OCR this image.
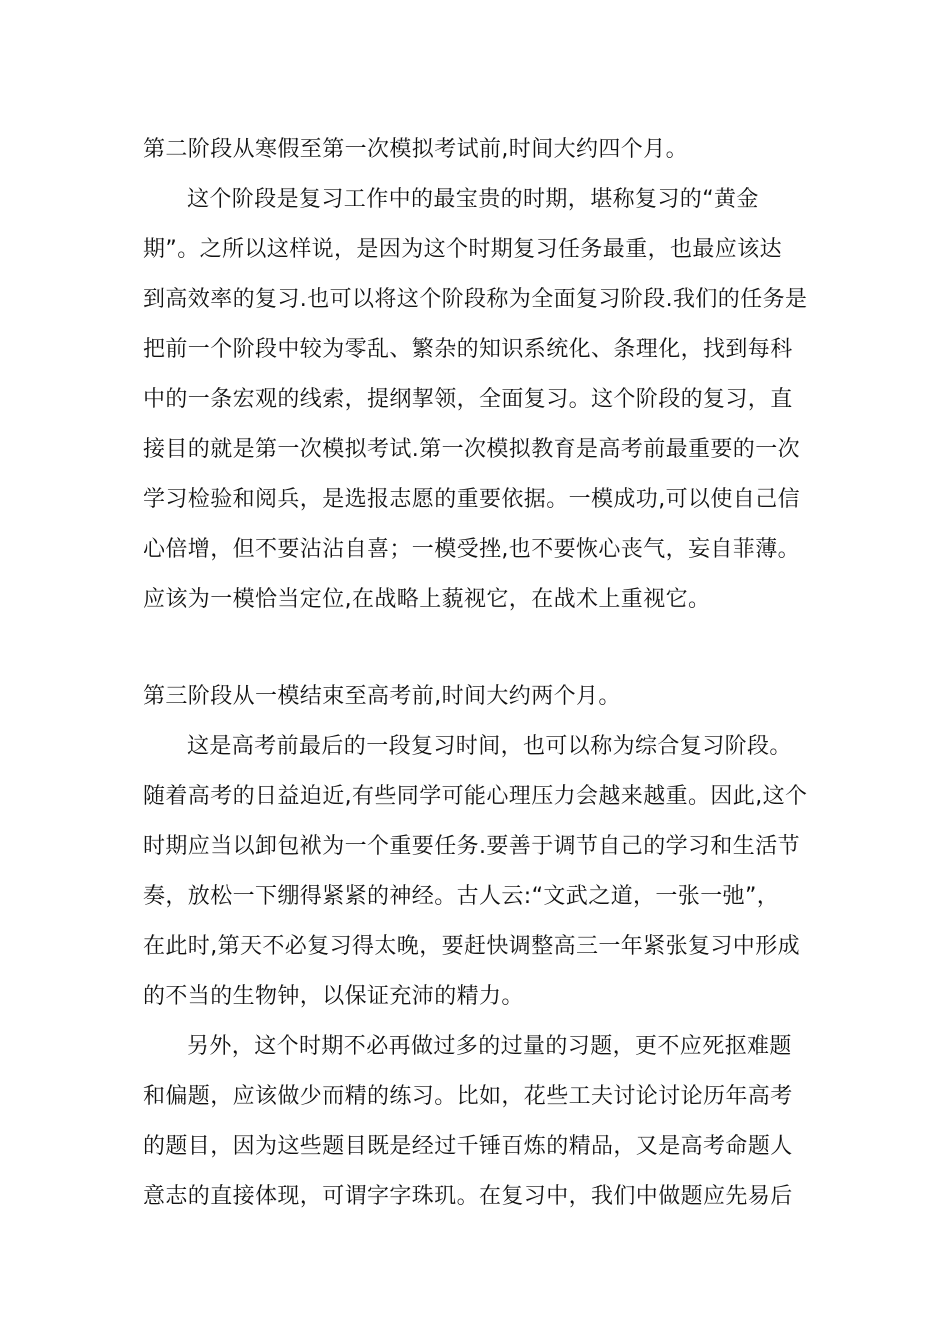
第二阶段从寒假至第一次模拟考试前,时间大约四个月。
这个阶段是复习工作中的最宝贵的时期，堪称复习的“黄金
期”。之所以这样说，是因为这个时期复习任务最重，也最应该达
到高效率的复习.也可以将这个阶段称为全面复习阶段.我们的任务是
把前一个阶段中较为零乱、繁杂的知识系统化、条理化，找到每科
中的一条宏观的线索，提纲挈领，全面复习。这个阶段的复习，直
接目的就是第一次模拟考试.第一次模拟教育是高考前最重要的一次
学习检验和阅兵，是选报志愿的重要依据。一模成功,可以使自己信
心倍增，但不要沾沾自喜；一模受挫,也不要恢心丧气，妄自菲薄。
应该为一模恰当定位,在战略上藐视它，在战术上重视它。
第三阶段从一模结束至高考前,时间大约两个月。
这是高考前最后的一段复习时间，也可以称为综合复习阶段。
随着高考的日益迫近,有些同学可能心理压力会越来越重。因此,这个
时期应当以卸包袱为一个重要任务.要善于调节自己的学习和生活节
奏，放松一下绷得紧紧的神经。古人云:“文武之道，一张一弛”，
在此时,第天不必复习得太晚，要赶快调整高三一年紧张复习中形成
的不当的生物钟，以保证充沛的精力。
另外，这个时期不必再做过多的过量的习题，更不应死抠难题
和偏题，应该做少而精的练习。比如，花些工夫讨论讨论历年高考
的题目，因为这些题目既是经过千锤百炼的精品，又是高考命题人
意志的直接体现，可谓字字珠玑。在复习中，我们中做题应先易后
